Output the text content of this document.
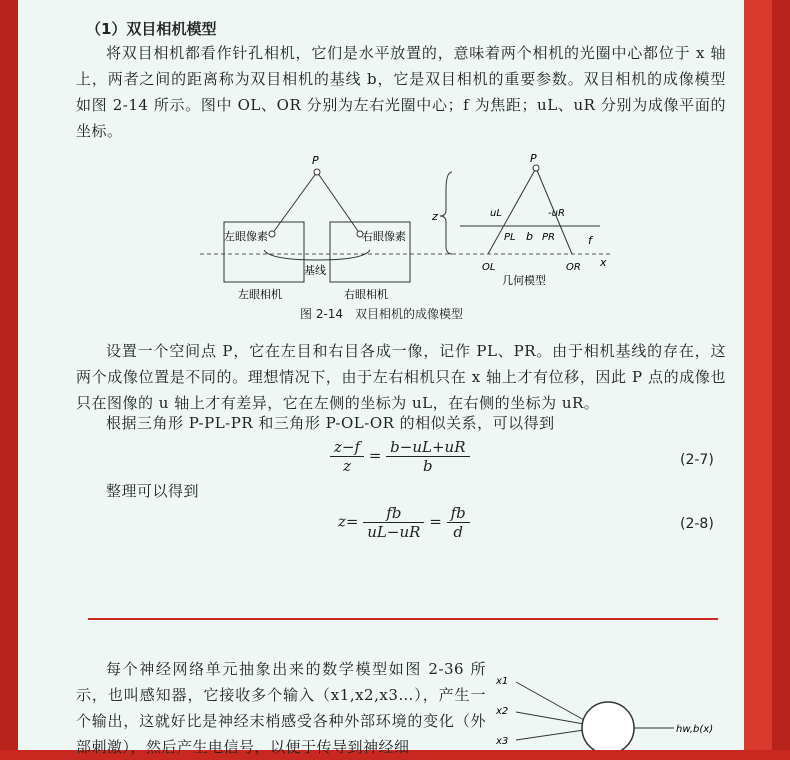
（1）双目相机模型
将双目相机都看作针孔相机，它们是水平放置的，意味着两个相机的光圈中心都位于 x 轴上，两者之间的距离称为双目相机的基线 b，它是双目相机的重要参数。双目相机的成像模型如图 2-14 所示。图中 OL、OR 分别为左右光圈中心；f 为焦距；uL、uR 分别为成像平面的坐标。
P
左眼像素	右眼像素
基线
左眼相机	右眼相机
P
z	uL	-uR
PL b PR	f
OL	OR x
几何模型
图 2-14　双目相机的成像模型
设置一个空间点 P，它在左目和右目各成一像，记作 PL、PR。由于相机基线的存在，这两个成像位置是不同的。理想情况下，由于左右相机只在 x 轴上才有位移，因此 P 点的成像也只在图像的 u 轴上才有差异，它在左侧的坐标为 uL，在右侧的坐标为 uR。
根据三角形 P-PL-PR 和三角形 P-OL-OR 的相似关系，可以得到
$\frac{z-f}{z} = \frac{b-uL+uR}{b}$	(2-7)
整理可以得到
$z= \frac{fb}{uL-uR} = \frac{fb}{d}$	(2-8)
每个神经网络单元抽象出来的数学模型如图 2-36 所示，也叫感知器，它接收多个输入（x1,x2,x3…），产生一个输出，这就好比是神经末梢感受各种外部环境的变化（外部刺激），然后产生电信号，以便于传导到神经细
x1
x2
x3
hw,b(x)
